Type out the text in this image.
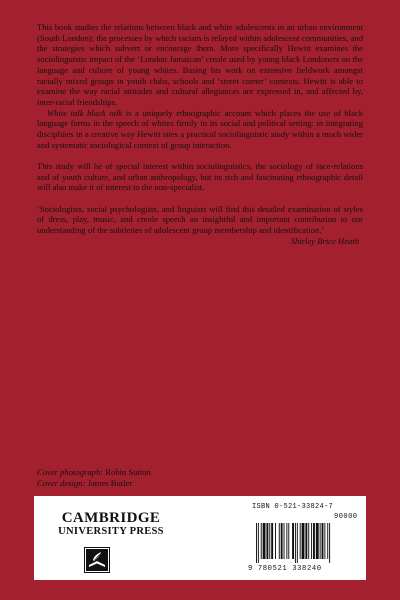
This book studies the relations between black and white adolescents in an urban environment (South London); the processes by which racism is relayed within adolescent communities, and the strategies which subvert or encourage them. More specifically Hewitt examines the sociolinguistic impact of the ‘London Jamaican’ creole used by young black Londoners on the language and culture of young whites. Basing his work on extensive fieldwork amongst racially mixed groups in youth clubs, schools and ‘street corner’ contexts. Hewitt is able to examine the way racial attitudes and cultural allegiances are expressed in, and affected by, inter-racial friendships.

White talk black talk is a uniquely ethnographic account which places the use of black language forms in the speech of whites firmly in its social and political setting: in integrating disciplines in a creative way Hewitt sites a practical sociolinguistic study within a much wider and systematic sociological context of group interaction.

This study will be of special interest within sociolinguistics, the sociology of race-relations and of youth culture, and urban anthropology, but its rich and fascinating ethnographic detail will also make it of interest to the non-specialist.

‘Sociologists, social psychologists, and linguists will find this detailed examination of styles of dress, play, music, and creole speech an insightful and important contribution to our understanding of the subtleties of adolescent group membership and identification.’
Shirley Brice Heath

Cover photograph: Robin Sutton
Cover design: James Butler
CAMBRIDGE
UNIVERSITY PRESS
ISBN 0-521-33824-7
90000
9 780521 338240
